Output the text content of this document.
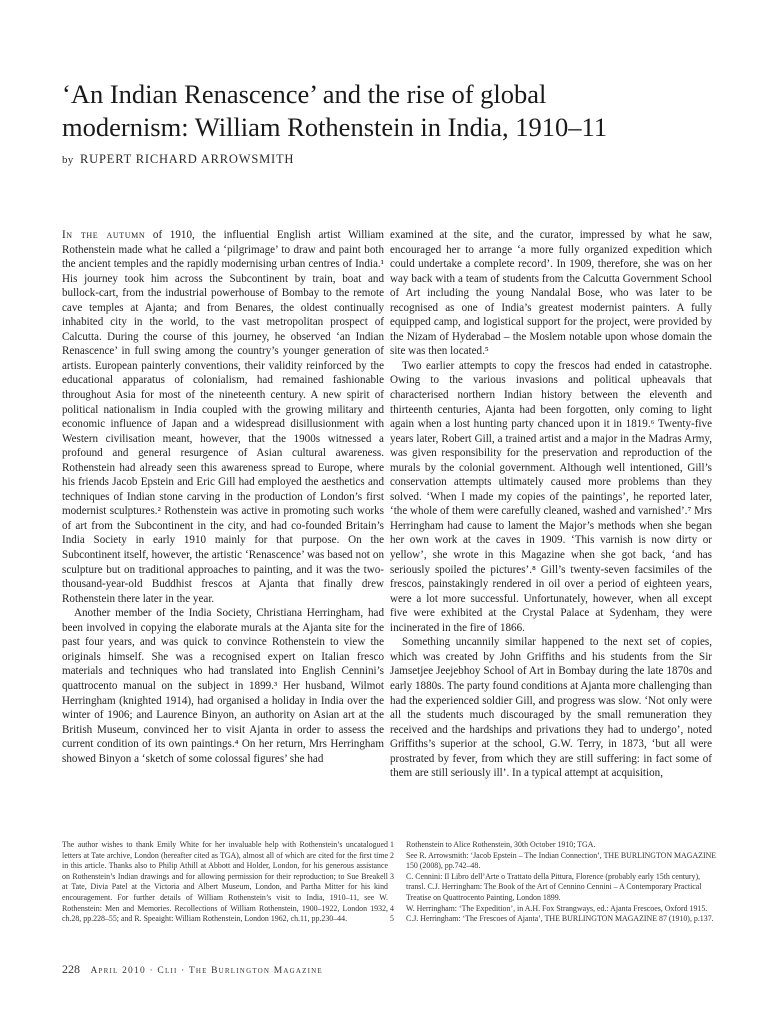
‘An Indian Renascence’ and the rise of global
modernism: William Rothenstein in India, 1910–11
by RUPERT RICHARD ARROWSMITH

In the autumn of 1910, the influential English artist William Rothenstein made what he called a ‘pilgrimage’ to draw and paint both the ancient temples and the rapidly modernising urban centres of India.¹ His journey took him across the Subcontinent by train, boat and bullock-cart, from the industrial powerhouse of Bombay to the remote cave temples at Ajanta; and from Benares, the oldest continually inhabited city in the world, to the vast metropolitan prospect of Calcutta. During the course of this journey, he observed ‘an Indian Renascence’ in full swing among the country’s younger generation of artists. European painterly conventions, their validity reinforced by the educational apparatus of colonialism, had remained fashionable throughout Asia for most of the nineteenth century. A new spirit of political nationalism in India coupled with the growing military and economic influence of Japan and a widespread disillusionment with Western civilisation meant, however, that the 1900s witnessed a profound and general resurgence of Asian cultural awareness. Rothenstein had already seen this awareness spread to Europe, where his friends Jacob Epstein and Eric Gill had employed the aesthetics and techniques of Indian stone carving in the production of London’s first modernist sculptures.² Rothenstein was active in promoting such works of art from the Subcontinent in the city, and had co-founded Britain’s India Society in early 1910 mainly for that purpose. On the Subcontinent itself, however, the artistic ‘Renascence’ was based not on sculpture but on traditional approaches to painting, and it was the two-thousand-year-old Buddhist frescos at Ajanta that finally drew Rothenstein there later in the year.

Another member of the India Society, Christiana Herringham, had been involved in copying the elaborate murals at the Ajanta site for the past four years, and was quick to convince Rothenstein to view the originals himself. She was a recognised expert on Italian fresco materials and techniques who had translated into English Cennini’s quattrocento manual on the subject in 1899.³ Her husband, Wilmot Herringham (knighted 1914), had organised a holiday in India over the winter of 1906; and Laurence Binyon, an authority on Asian art at the British Museum, convinced her to visit Ajanta in order to assess the current condition of its own paintings.⁴ On her return, Mrs Herringham showed Binyon a ‘sketch of some colossal figures’ she had

examined at the site, and the curator, impressed by what he saw, encouraged her to arrange ‘a more fully organized expedition which could undertake a complete record’. In 1909, therefore, she was on her way back with a team of students from the Calcutta Government School of Art including the young Nandalal Bose, who was later to be recognised as one of India’s greatest modernist painters. A fully equipped camp, and logistical support for the project, were provided by the Nizam of Hyderabad – the Moslem notable upon whose domain the site was then located.⁵

Two earlier attempts to copy the frescos had ended in catastrophe. Owing to the various invasions and political upheavals that characterised northern Indian history between the eleventh and thirteenth centuries, Ajanta had been forgotten, only coming to light again when a lost hunting party chanced upon it in 1819.⁶ Twenty-five years later, Robert Gill, a trained artist and a major in the Madras Army, was given responsibility for the preservation and reproduction of the murals by the colonial government. Although well intentioned, Gill’s conservation attempts ultimately caused more problems than they solved. ‘When I made my copies of the paintings’, he reported later, ‘the whole of them were carefully cleaned, washed and varnished’.⁷ Mrs Herringham had cause to lament the Major’s methods when she began her own work at the caves in 1909. ‘This varnish is now dirty or yellow’, she wrote in this Magazine when she got back, ‘and has seriously spoiled the pictures’.⁸ Gill’s twenty-seven facsimiles of the frescos, painstakingly rendered in oil over a period of eighteen years, were a lot more successful. Unfortunately, however, when all except five were exhibited at the Crystal Palace at Sydenham, they were incinerated in the fire of 1866.

Something uncannily similar happened to the next set of copies, which was created by John Griffiths and his students from the Sir Jamsetjee Jeejebhoy School of Art in Bombay during the late 1870s and early 1880s. The party found conditions at Ajanta more challenging than had the experienced soldier Gill, and progress was slow. ‘Not only were all the students much discouraged by the small remuneration they received and the hardships and privations they had to undergo’, noted Griffiths’s superior at the school, G.W. Terry, in 1873, ‘but all were prostrated by fever, from which they are still suffering: in fact some of them are still seriously ill’. In a typical attempt at acquisition,

The author wishes to thank Emily White for her invaluable help with Rothenstein’s uncatalogued letters at Tate archive, London (hereafter cited as TGA), almost all of which are cited for the first time in this article. Thanks also to Philip Athill at Abbott and Holder, London, for his generous assistance on Rothenstein’s Indian drawings and for allowing permission for their reproduction; to Sue Breakell at Tate, Divia Patel at the Victoria and Albert Museum, London, and Partha Mitter for his kind encouragement. For further details of William Rothenstein’s visit to India, 1910–11, see W. Rothenstein: Men and Memories. Recollections of William Rothenstein, 1900–1922, London 1932, ch.28, pp.228–55; and R. Speaight: William Rothenstein, London 1962, ch.11, pp.230–44.
1	Rothenstein to Alice Rothenstein, 30th October 1910; TGA.
2	See R. Arrowsmith: ‘Jacob Epstein – The Indian Connection’, THE BURLINGTON MAGAZINE 150 (2008), pp.742–48.
3	C. Cennini: Il Libro dell’Arte o Trattato della Pittura, Florence (probably early 15th century), transl. C.J. Herringham: The Book of the Art of Cennino Cennini – A Contemporary Practical Treatise on Quattrocento Painting, London 1899.
4	W. Herringham: ‘The Expedition’, in A.H. Fox Strangways, ed.: Ajanta Frescoes, Oxford 1915.
5	C.J. Herringham: ‘The Frescoes of Ajanta’, THE BURLINGTON MAGAZINE 87 (1910), p.137.
228 April 2010 · Clii · The Burlington Magazine
